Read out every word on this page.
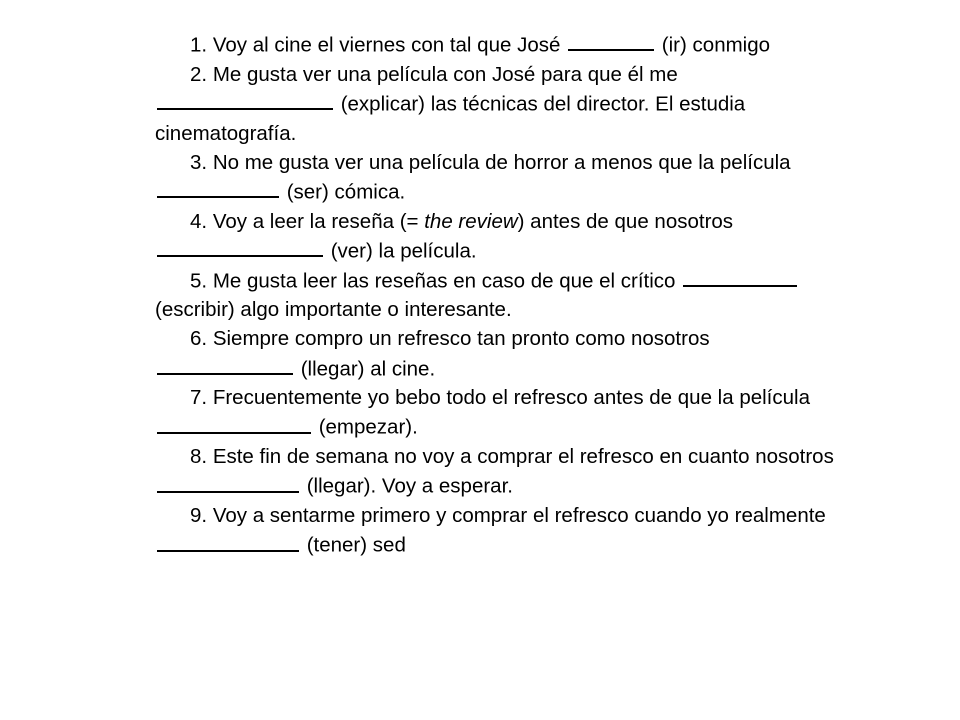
1. Voy al cine el viernes con tal que José	(ir) conmigo

2. Me gusta ver una película con José para que él me  (explicar) las técnicas del director. El estudia cinematografía.

3. No me gusta ver una película de horror a menos que la película  (ser) cómica.

4. Voy a leer la reseña (= the review) antes de que nosotros  (ver) la película.

5. Me gusta leer las reseñas en caso de que el crítico  (escribir) algo importante o interesante.

6. Siempre compro un refresco tan pronto como nosotros  (llegar) al cine.

7. Frecuentemente yo bebo todo el refresco antes de que la película  (empezar).

8. Este fin de semana no voy a comprar el refresco en cuanto nosotros  (llegar). Voy a esperar.

9. Voy a sentarme primero y comprar el refresco cuando yo realmente  (tener) sed
